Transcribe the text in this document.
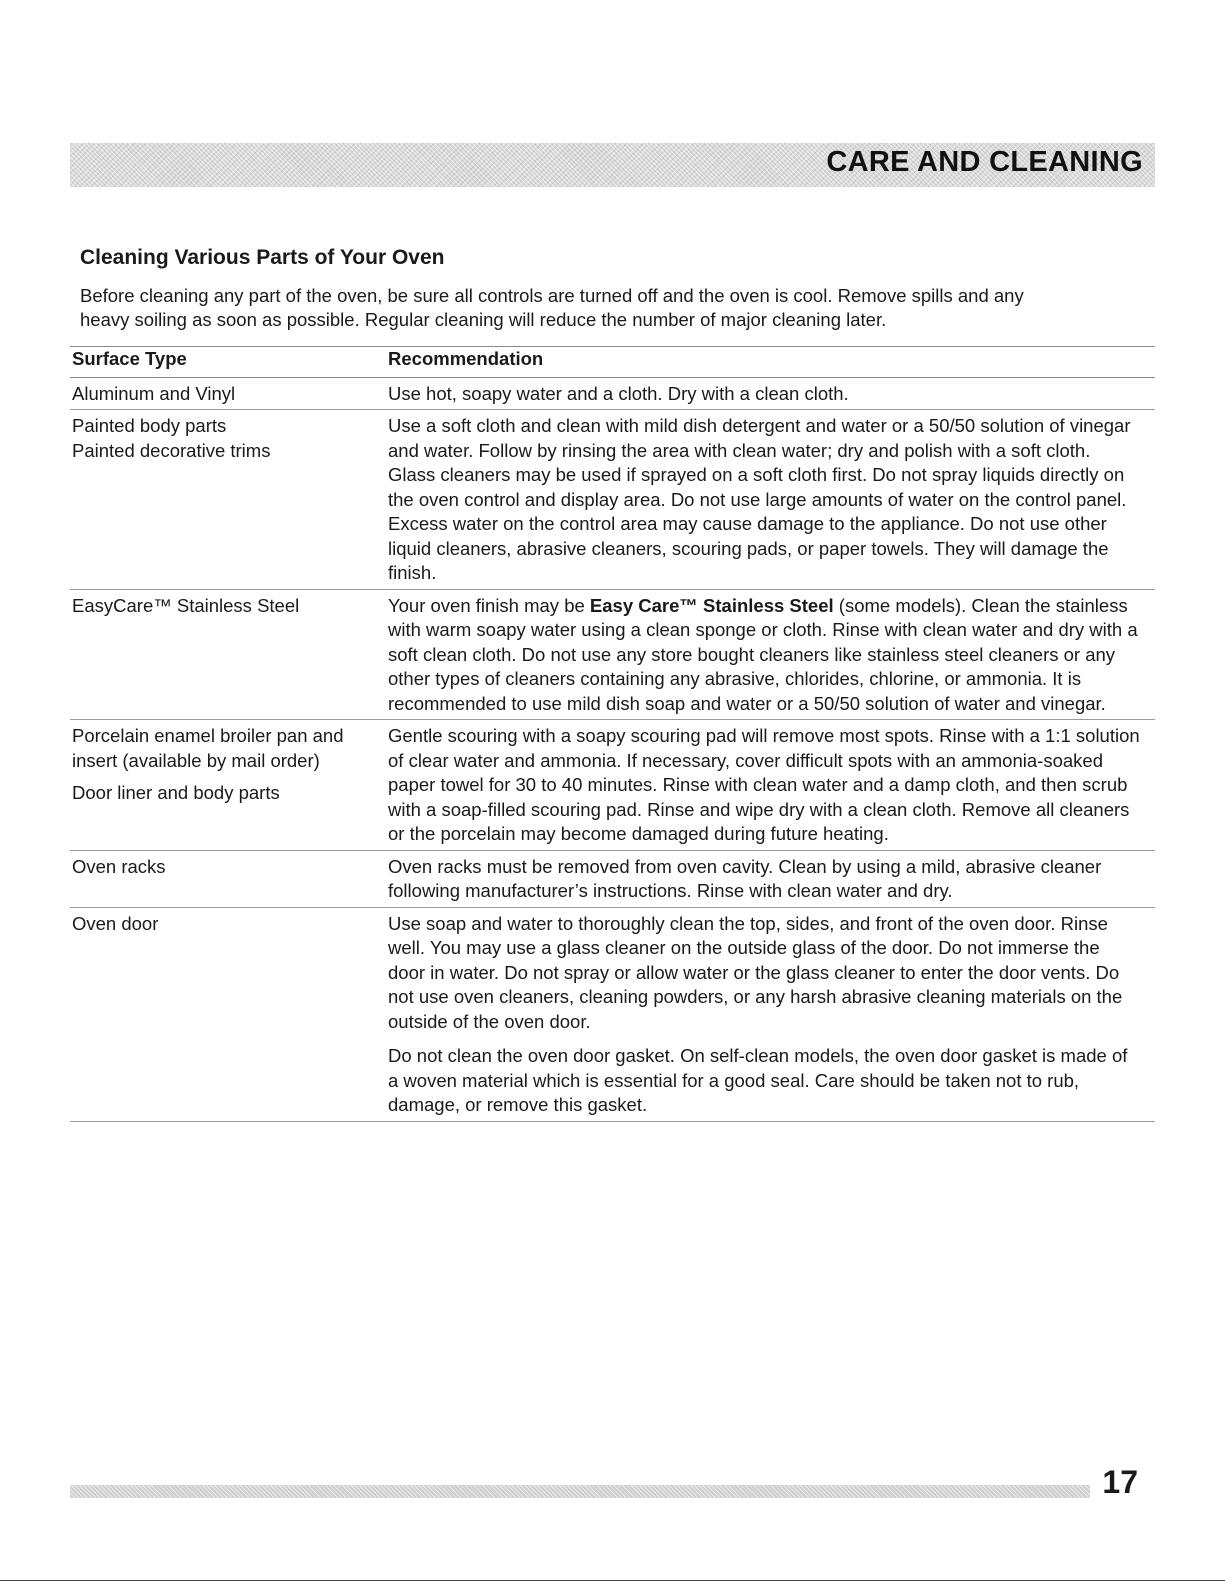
CARE AND CLEANING
Cleaning Various Parts of Your Oven

Before cleaning any part of the oven, be sure all controls are turned off and the oven is cool. Remove spills and any

heavy soiling as soon as possible. Regular cleaning will reduce the number of major cleaning later.

Surface Type	Recommendation

Aluminum and Vinyl	Use hot, soapy water and a cloth. Dry with a clean cloth.

Painted body parts
Painted decorative trims	Use a soft cloth and clean with mild dish detergent and water or a 50/50 solution of vinegar and water. Follow by rinsing the area with clean water; dry and polish with a soft cloth. Glass cleaners may be used if sprayed on a soft cloth first. Do not spray liquids directly on the oven control and display area. Do not use large amounts of water on the control panel. Excess water on the control area may cause damage to the appliance. Do not use other liquid cleaners, abrasive cleaners, scouring pads, or paper towels. They will damage the finish.

EasyCare™ Stainless Steel	Your oven finish may be Easy Care™ Stainless Steel (some models). Clean the stainless with warm soapy water using a clean sponge or cloth. Rinse with clean water and dry with a soft clean cloth. Do not use any store bought cleaners like stainless steel cleaners or any other types of cleaners containing any abrasive, chlorides, chlorine, or ammonia. It is recommended to use mild dish soap and water or a 50/50 solution of water and vinegar.

Porcelain enamel broiler pan and insert (available by mail order)
Door liner and body parts	Gentle scouring with a soapy scouring pad will remove most spots. Rinse with a 1:1 solution of clear water and ammonia. If necessary, cover difficult spots with an ammonia-soaked paper towel for 30 to 40 minutes. Rinse with clean water and a damp cloth, and then scrub with a soap-filled scouring pad. Rinse and wipe dry with a clean cloth. Remove all cleaners or the porcelain may become damaged during future heating.

Oven racks	Oven racks must be removed from oven cavity. Clean by using a mild, abrasive cleaner following manufacturer’s instructions. Rinse with clean water and dry.

Oven door	Use soap and water to thoroughly clean the top, sides, and front of the oven door. Rinse well. You may use a glass cleaner on the outside glass of the door. Do not immerse the door in water. Do not spray or allow water or the glass cleaner to enter the door vents. Do not use oven cleaners, cleaning powders, or any harsh abrasive cleaning materials on the outside of the oven door.

Do not clean the oven door gasket. On self-clean models, the oven door gasket is made of a woven material which is essential for a good seal. Care should be taken not to rub, damage, or remove this gasket.

17
